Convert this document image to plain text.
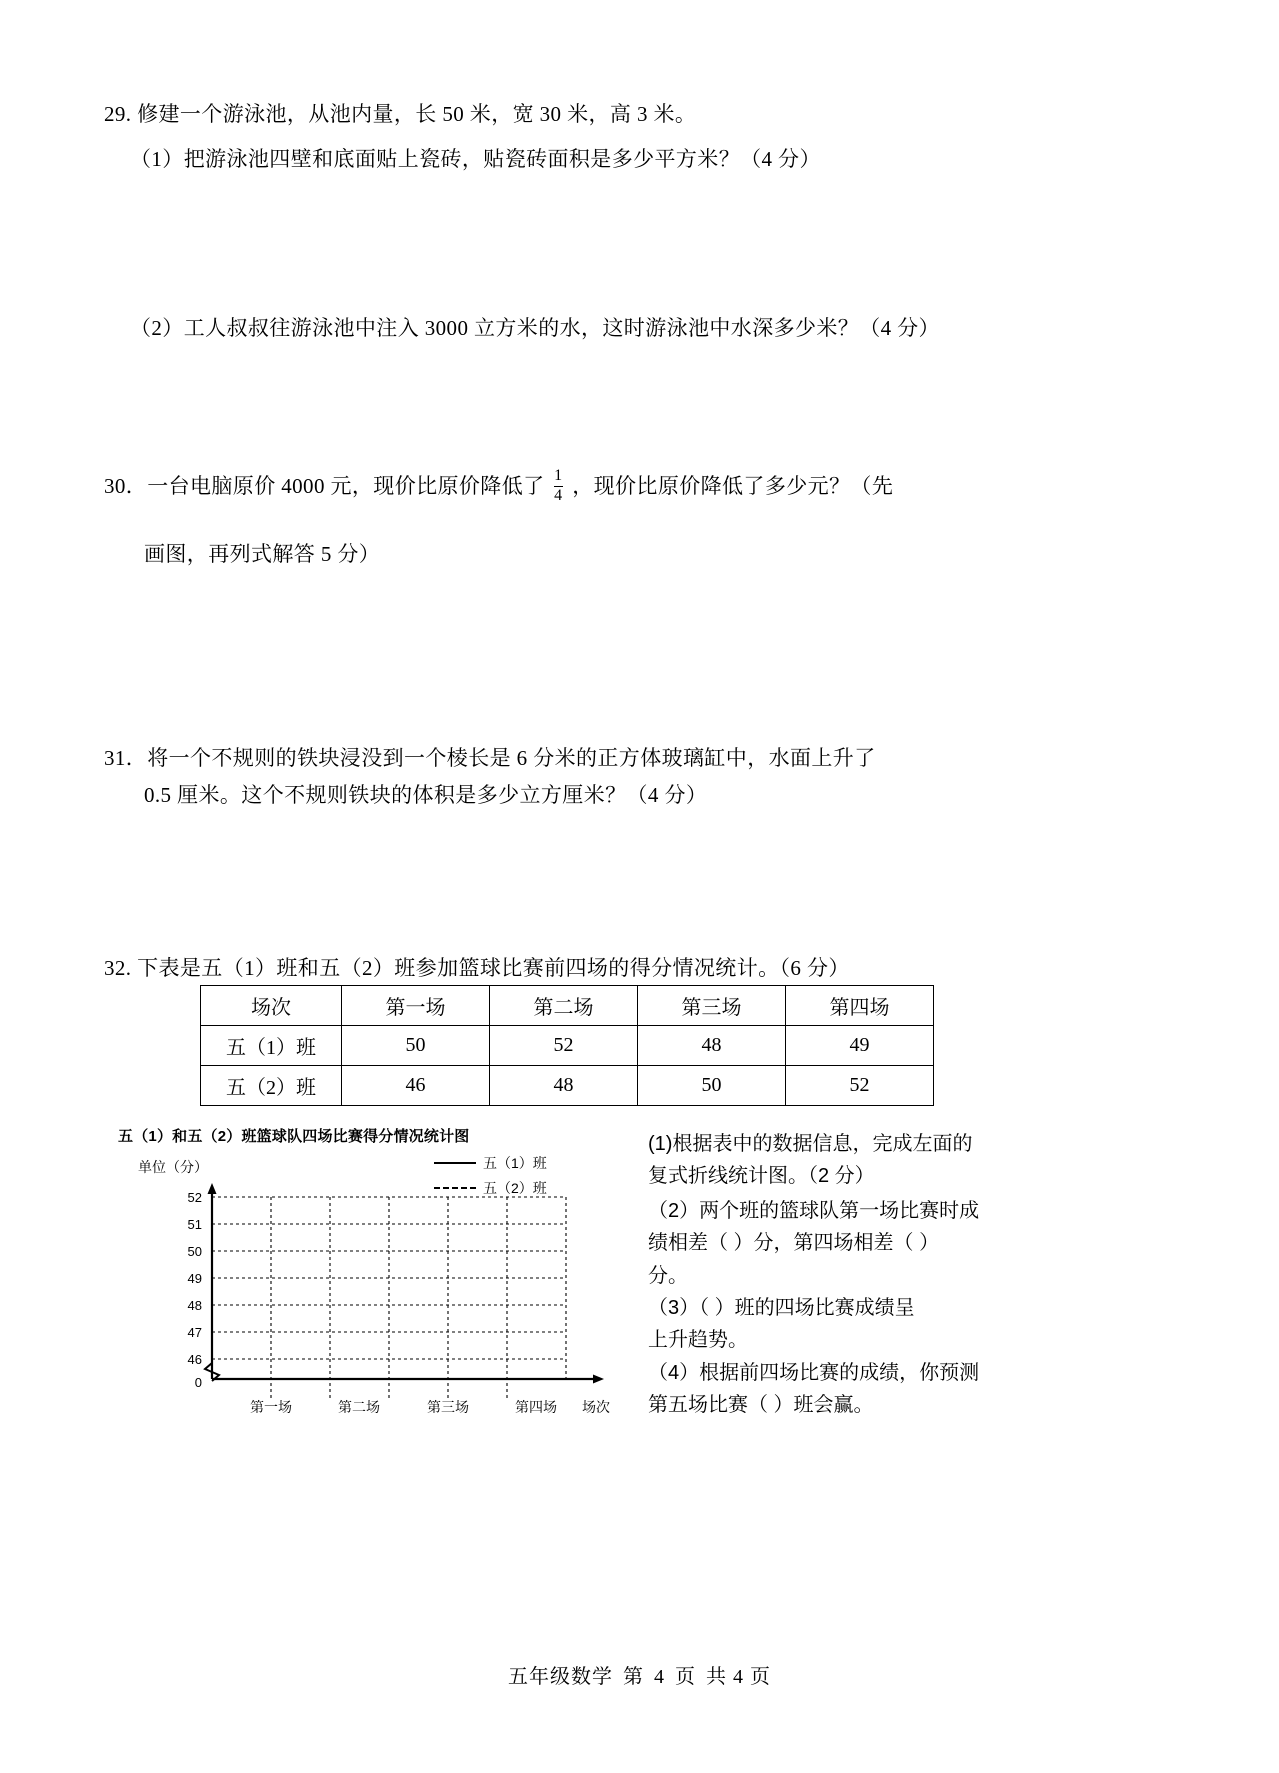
29. 修建一个游泳池，从池内量，长 50 米，宽 30 米，高 3 米。
（1）把游泳池四壁和底面贴上瓷砖，贴瓷砖面积是多少平方米？（4 分）
（2）工人叔叔往游泳池中注入 3000 立方米的水，这时游泳池中水深多少米？（4 分）
30．一台电脑原价 4000 元，现价比原价降低了 $\frac{1}{4}$ ，现价比原价降低了多少元？（先
画图，再列式解答 5 分）
31．将一个不规则的铁块浸没到一个棱长是 6 分米的正方体玻璃缸中，水面上升了
0.5 厘米。这个不规则铁块的体积是多少立方厘米？（4 分）
32. 下表是五（1）班和五（2）班参加篮球比赛前四场的得分情况统计。（6 分）
场次	第一场	第二场	第三场	第四场
五（1）班	50	52	48	49
五（2）班	46	48	50	52
五（1）和五（2）班篮球队四场比赛得分情况统计图
五（1）班
五（2）班
单位（分）
52
51
50
49
48
47
46
0
第一场	第二场	第三场	第四场 场次

(1)根据表中的数据信息，完成左面的

复式折线统计图。（2 分）

（2）两个班的篮球队第一场比赛时成

绩相差（ ）分，第四场相差（ ）

分。

（3）（ ）班的四场比赛成绩呈

上升趋势。

（4）根据前四场比赛的成绩，你预测

第五场比赛（ ）班会赢。

五年级数学 第 4 页 共 4 页
